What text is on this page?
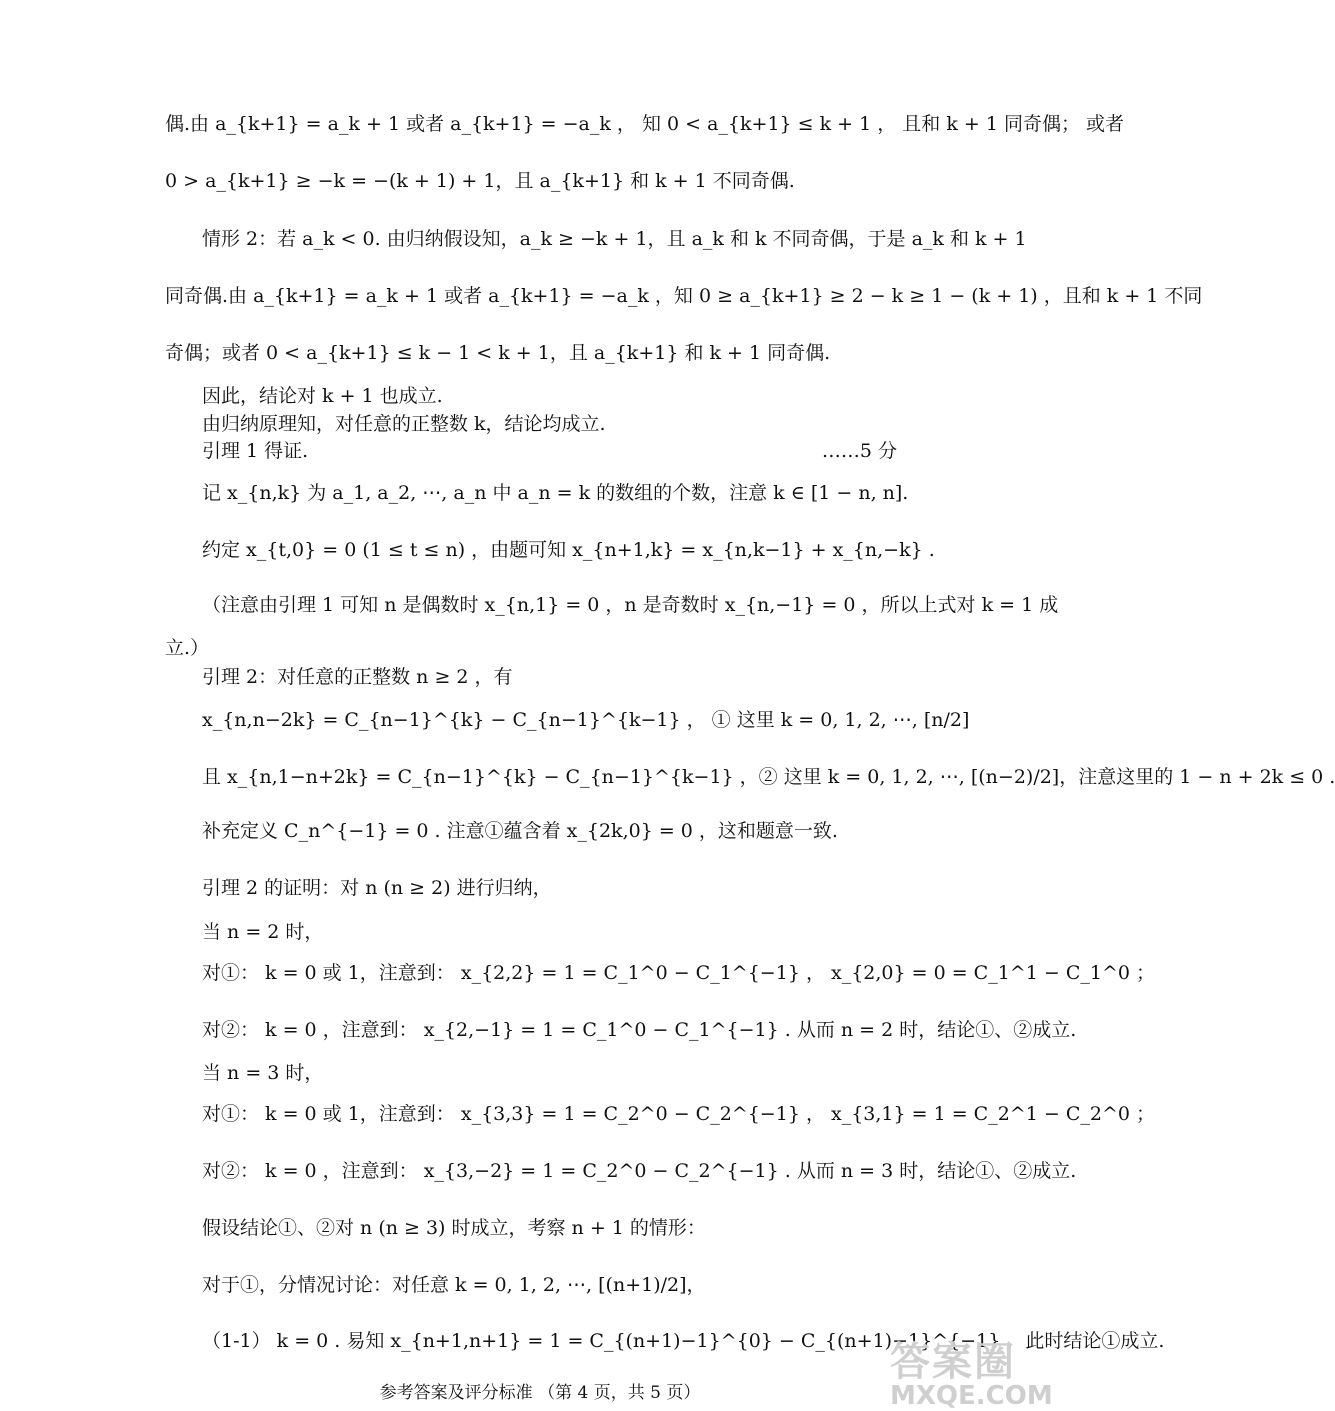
偶.由 a_{k+1} = a_k + 1 或者 a_{k+1} = −a_k ， 知 0 < a_{k+1} ≤ k + 1 ， 且和 k + 1 同奇偶； 或者
0 > a_{k+1} ≥ −k = −(k + 1) + 1，且 a_{k+1} 和 k + 1 不同奇偶.
情形 2：若 a_k < 0. 由归纳假设知，a_k ≥ −k + 1，且 a_k 和 k 不同奇偶，于是 a_k 和 k + 1
同奇偶.由 a_{k+1} = a_k + 1 或者 a_{k+1} = −a_k ，知 0 ≥ a_{k+1} ≥ 2 − k ≥ 1 − (k + 1) ，且和 k + 1 不同
奇偶；或者 0 < a_{k+1} ≤ k − 1 < k + 1，且 a_{k+1} 和 k + 1 同奇偶.
因此，结论对 k + 1 也成立.
由归纳原理知，对任意的正整数 k，结论均成立.
引理 1 得证.	……5 分
记 x_{n,k} 为 a_1, a_2, ⋯, a_n 中 a_n = k 的数组的个数，注意 k ∈ [1 − n, n].
约定 x_{t,0} = 0 (1 ≤ t ≤ n) ，由题可知 x_{n+1,k} = x_{n,k−1} + x_{n,−k} .
（注意由引理 1 可知 n 是偶数时 x_{n,1} = 0 ，n 是奇数时 x_{n,−1} = 0 ，所以上式对 k = 1 成
立.）
引理 2：对任意的正整数 n ≥ 2 ，有
x_{n,n−2k} = C_{n−1}^{k} − C_{n−1}^{k−1} ， ① 这里 k = 0, 1, 2, ⋯, [n/2]
且 x_{n,1−n+2k} = C_{n−1}^{k} − C_{n−1}^{k−1} ，② 这里 k = 0, 1, 2, ⋯, [(n−2)/2]，注意这里的 1 − n + 2k ≤ 0 .
补充定义 C_n^{−1} = 0 . 注意①蕴含着 x_{2k,0} = 0 ，这和题意一致.
引理 2 的证明：对 n (n ≥ 2) 进行归纳，
当 n = 2 时，
对①： k = 0 或 1，注意到： x_{2,2} = 1 = C_1^0 − C_1^{−1} ， x_{2,0} = 0 = C_1^1 − C_1^0 ；
对②： k = 0 ，注意到： x_{2,−1} = 1 = C_1^0 − C_1^{−1} . 从而 n = 2 时，结论①、②成立.
当 n = 3 时，
对①： k = 0 或 1，注意到： x_{3,3} = 1 = C_2^0 − C_2^{−1} ， x_{3,1} = 1 = C_2^1 − C_2^0 ；
对②： k = 0 ，注意到： x_{3,−2} = 1 = C_2^0 − C_2^{−1} . 从而 n = 3 时，结论①、②成立.
假设结论①、②对 n (n ≥ 3) 时成立，考察 n + 1 的情形：
对于①，分情况讨论：对任意 k = 0, 1, 2, ⋯, [(n+1)/2]，
（1-1） k = 0 . 易知 x_{n+1,n+1} = 1 = C_{(n+1)−1}^{0} − C_{(n+1)−1}^{−1} ，此时结论①成立.
参考答案及评分标准 （第 4 页，共 5 页）
答案圈
MXQE.COM
